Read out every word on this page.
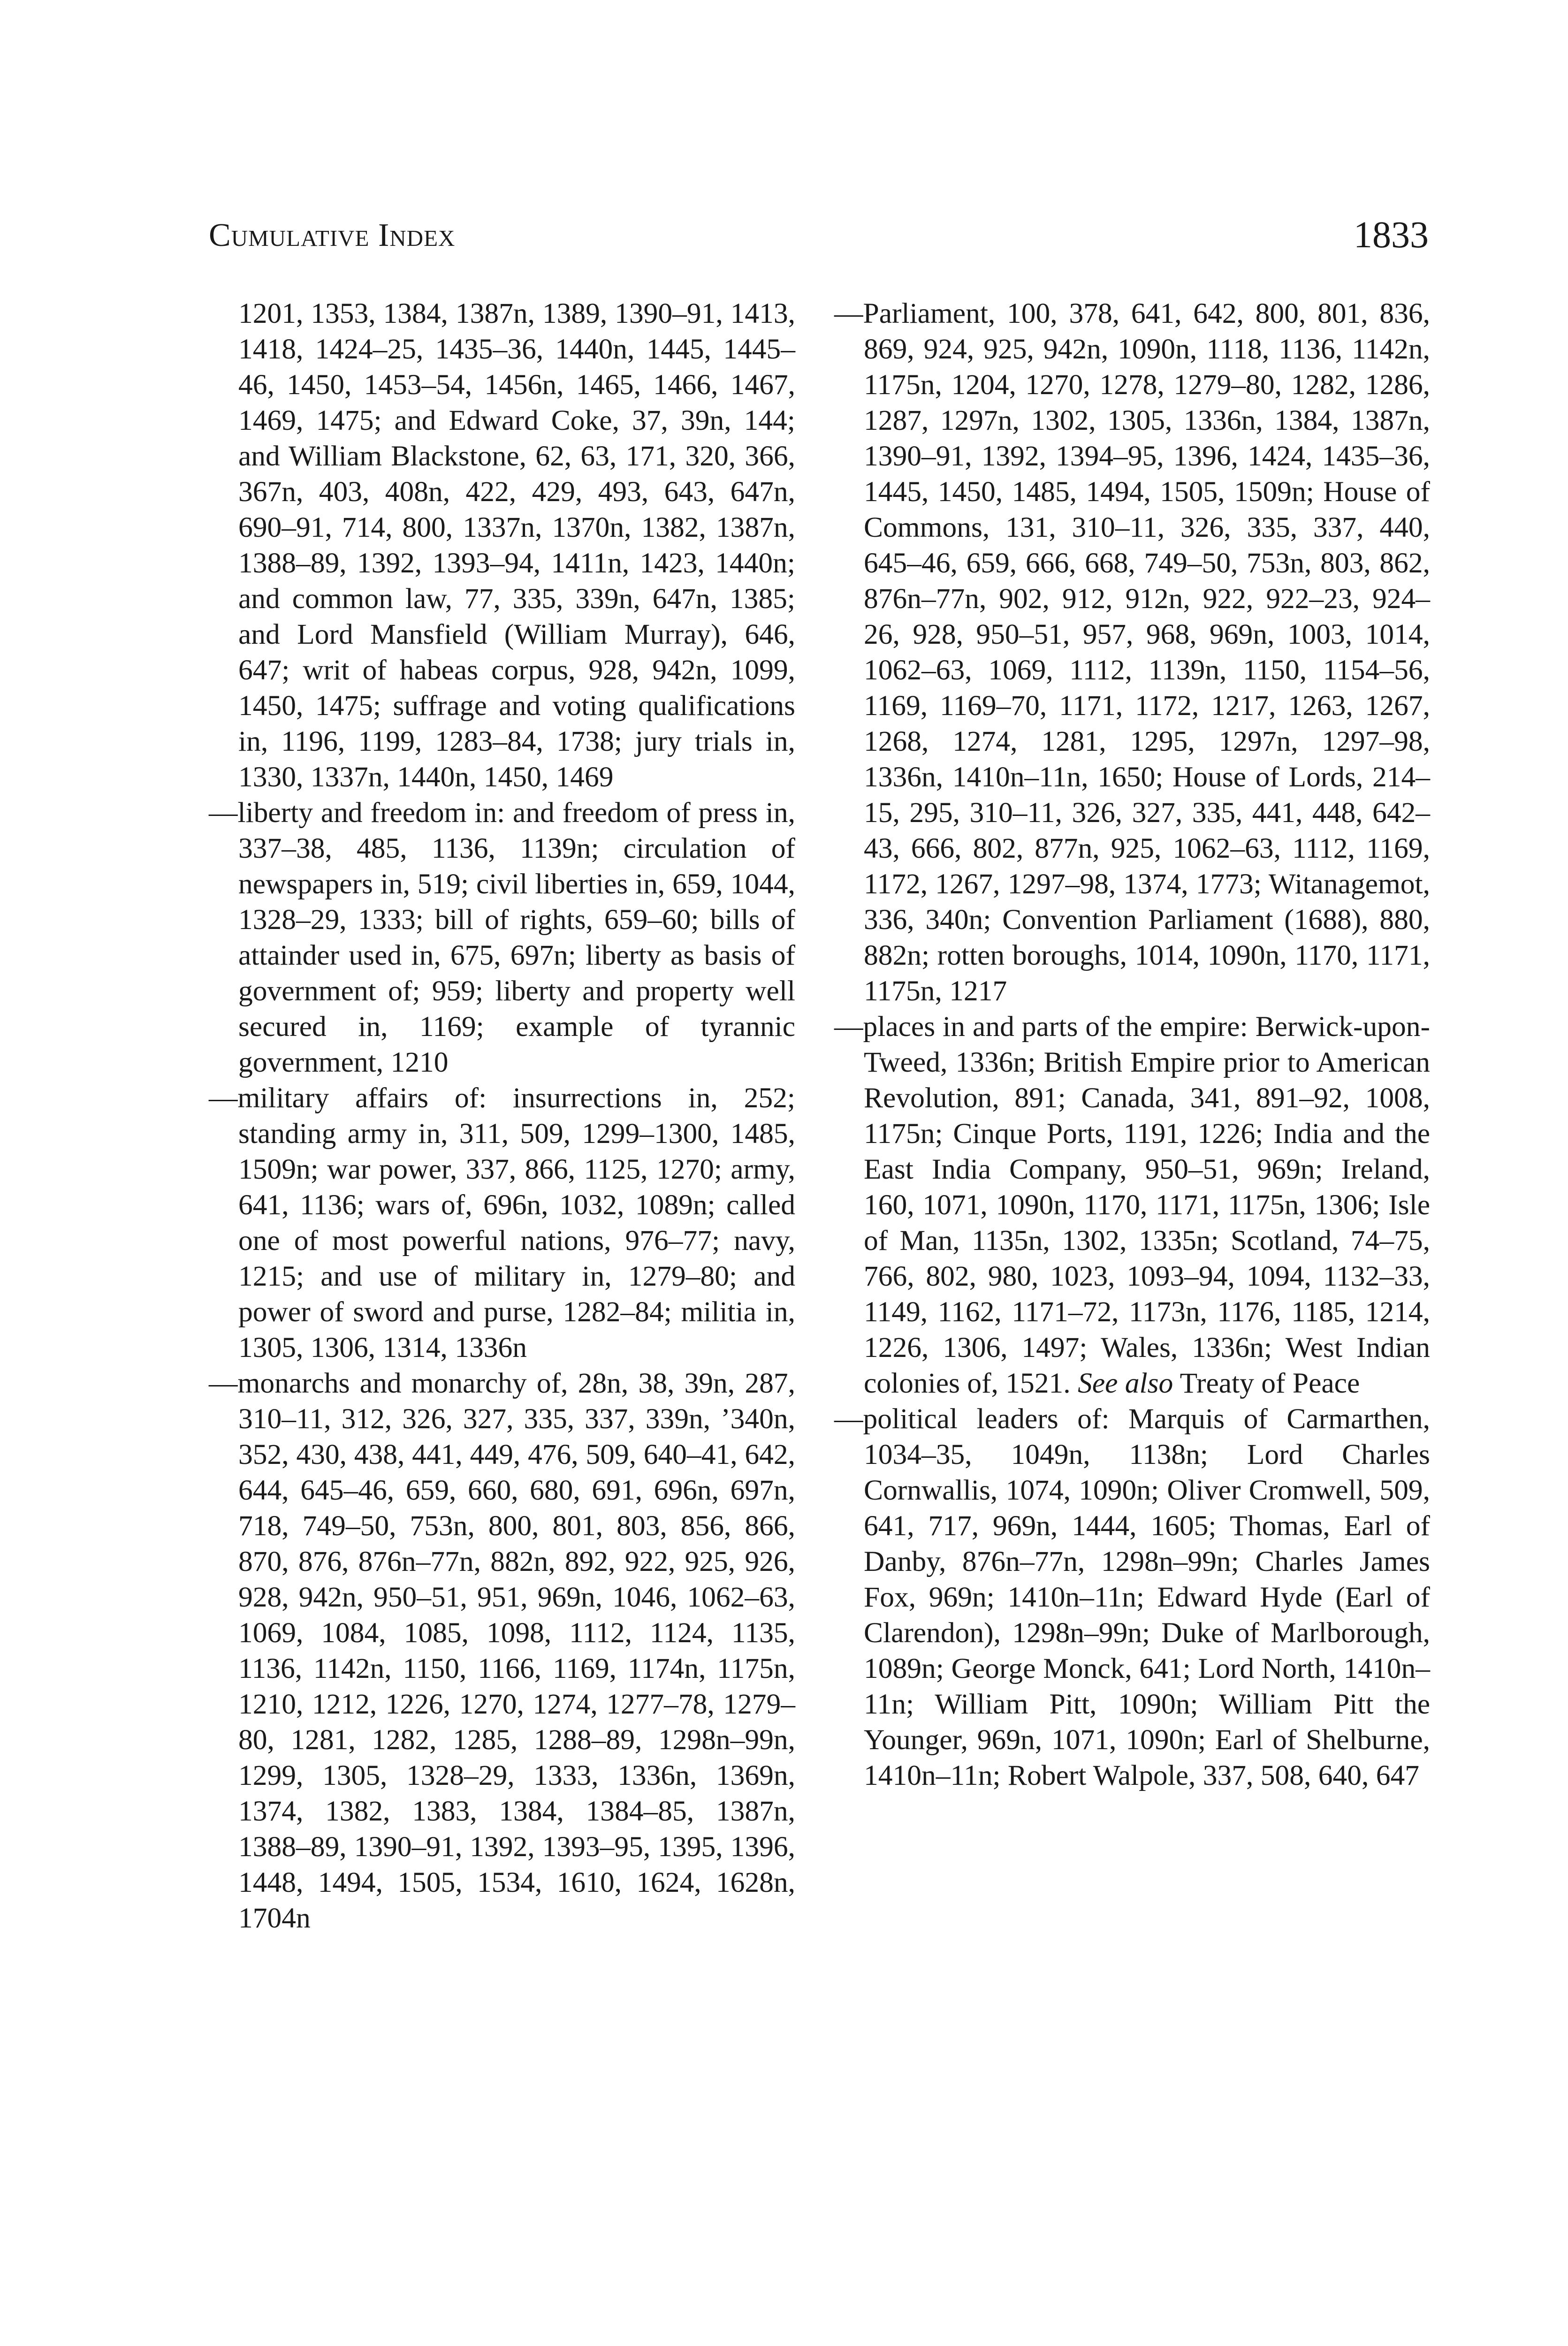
Cumulative Index	1833

1201, 1353, 1384, 1387n, 1389, 1390–91, 1413, 1418, 1424–25, 1435–36, 1440n, 1445, 1445–46, 1450, 1453–54, 1456n, 1465, 1466, 1467, 1469, 1475; and Edward Coke, 37, 39n, 144; and William Blackstone, 62, 63, 171, 320, 366, 367n, 403, 408n, 422, 429, 493, 643, 647n, 690–91, 714, 800, 1337n, 1370n, 1382, 1387n, 1388–89, 1392, 1393–94, 1411n, 1423, 1440n; and common law, 77, 335, 339n, 647n, 1385; and Lord Mansfield (William Murray), 646, 647; writ of habeas corpus, 928, 942n, 1099, 1450, 1475; suffrage and voting qualifications in, 1196, 1199, 1283–84, 1738; jury trials in, 1330, 1337n, 1440n, 1450, 1469

—liberty and freedom in: and freedom of press in, 337–38, 485, 1136, 1139n; circulation of newspapers in, 519; civil liberties in, 659, 1044, 1328–29, 1333; bill of rights, 659–60; bills of attainder used in, 675, 697n; liberty as basis of government of; 959; liberty and property well secured in, 1169; example of tyrannic government, 1210

—military affairs of: insurrections in, 252; standing army in, 311, 509, 1299–1300, 1485, 1509n; war power, 337, 866, 1125, 1270; army, 641, 1136; wars of, 696n, 1032, 1089n; called one of most powerful nations, 976–77; navy, 1215; and use of military in, 1279–80; and power of sword and purse, 1282–84; militia in, 1305, 1306, 1314, 1336n

—monarchs and monarchy of, 28n, 38, 39n, 287, 310–11, 312, 326, 327, 335, 337, 339n, ’340n, 352, 430, 438, 441, 449, 476, 509, 640–41, 642, 644, 645–46, 659, 660, 680, 691, 696n, 697n, 718, 749–50, 753n, 800, 801, 803, 856, 866, 870, 876, 876n–77n, 882n, 892, 922, 925, 926, 928, 942n, 950–51, 951, 969n, 1046, 1062–63, 1069, 1084, 1085, 1098, 1112, 1124, 1135, 1136, 1142n, 1150, 1166, 1169, 1174n, 1175n, 1210, 1212, 1226, 1270, 1274, 1277–78, 1279–80, 1281, 1282, 1285, 1288–89, 1298n–99n, 1299, 1305, 1328–29, 1333, 1336n, 1369n, 1374, 1382, 1383, 1384, 1384–85, 1387n, 1388–89, 1390–91, 1392, 1393–95, 1395, 1396, 1448, 1494, 1505, 1534, 1610, 1624, 1628n, 1704n

—Parliament, 100, 378, 641, 642, 800, 801, 836, 869, 924, 925, 942n, 1090n, 1118, 1136, 1142n, 1175n, 1204, 1270, 1278, 1279–80, 1282, 1286, 1287, 1297n, 1302, 1305, 1336n, 1384, 1387n, 1390–91, 1392, 1394–95, 1396, 1424, 1435–36, 1445, 1450, 1485, 1494, 1505, 1509n; House of Commons, 131, 310–11, 326, 335, 337, 440, 645–46, 659, 666, 668, 749–50, 753n, 803, 862, 876n–77n, 902, 912, 912n, 922, 922–23, 924–26, 928, 950–51, 957, 968, 969n, 1003, 1014, 1062–63, 1069, 1112, 1139n, 1150, 1154–56, 1169, 1169–70, 1171, 1172, 1217, 1263, 1267, 1268, 1274, 1281, 1295, 1297n, 1297–98, 1336n, 1410n–11n, 1650; House of Lords, 214–15, 295, 310–11, 326, 327, 335, 441, 448, 642–43, 666, 802, 877n, 925, 1062–63, 1112, 1169, 1172, 1267, 1297–98, 1374, 1773; Witanagemot, 336, 340n; Convention Parliament (1688), 880, 882n; rotten boroughs, 1014, 1090n, 1170, 1171, 1175n, 1217

—places in and parts of the empire: Berwick-upon-Tweed, 1336n; British Empire prior to American Revolution, 891; Canada, 341, 891–92, 1008, 1175n; Cinque Ports, 1191, 1226; India and the East India Company, 950–51, 969n; Ireland, 160, 1071, 1090n, 1170, 1171, 1175n, 1306; Isle of Man, 1135n, 1302, 1335n; Scotland, 74–75, 766, 802, 980, 1023, 1093–94, 1094, 1132–33, 1149, 1162, 1171–72, 1173n, 1176, 1185, 1214, 1226, 1306, 1497; Wales, 1336n; West Indian colonies of, 1521. See also Treaty of Peace

—political leaders of: Marquis of Carmarthen, 1034–35, 1049n, 1138n; Lord Charles Cornwallis, 1074, 1090n; Oliver Cromwell, 509, 641, 717, 969n, 1444, 1605; Thomas, Earl of Danby, 876n–77n, 1298n–99n; Charles James Fox, 969n; 1410n–11n; Edward Hyde (Earl of Clarendon), 1298n–99n; Duke of Marlborough, 1089n; George Monck, 641; Lord North, 1410n–11n; William Pitt, 1090n; William Pitt the Younger, 969n, 1071, 1090n; Earl of Shelburne, 1410n–11n; Robert Walpole, 337, 508, 640, 647
